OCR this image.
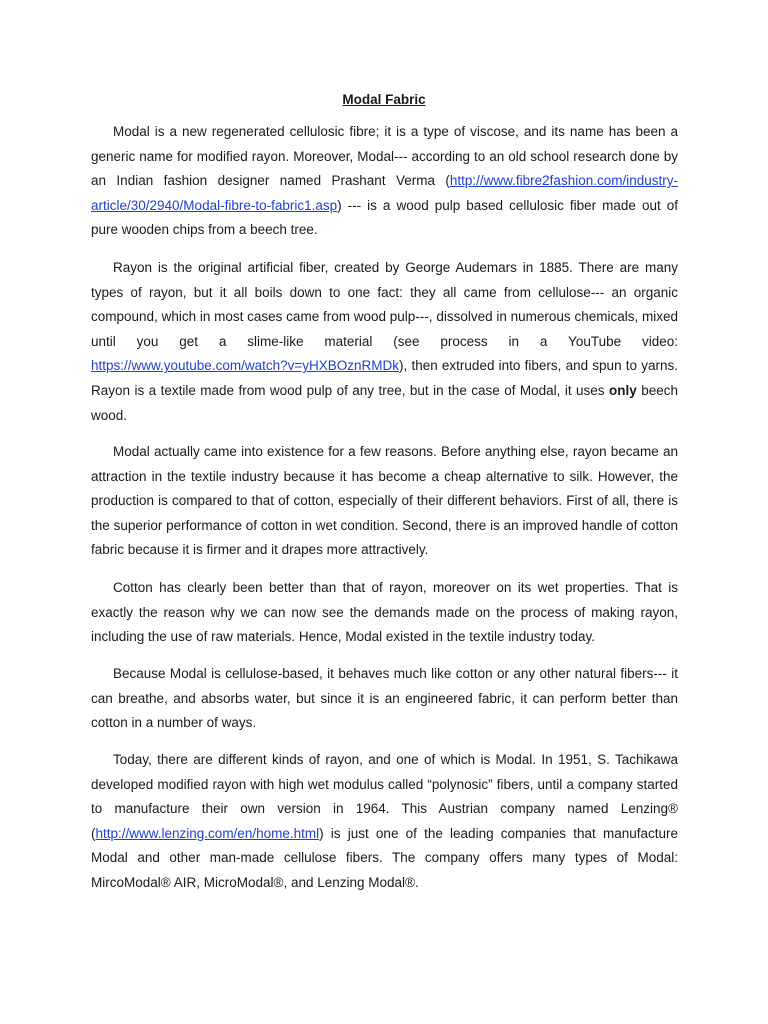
Modal Fabric

Modal is a new regenerated cellulosic fibre; it is a type of viscose, and its name has been a generic name for modified rayon. Moreover, Modal--- according to an old school research done by an Indian fashion designer named Prashant Verma (http://www.fibre2fashion.com/industry-article/30/2940/Modal-fibre-to-fabric1.asp) --- is a wood pulp based cellulosic fiber made out of pure wooden chips from a beech tree.

Rayon is the original artificial fiber, created by George Audemars in 1885. There are many types of rayon, but it all boils down to one fact: they all came from cellulose--- an organic compound, which in most cases came from wood pulp---, dissolved in numerous chemicals, mixed until you get a slime-like material (see process in a YouTube video: https://www.youtube.com/watch?v=yHXBOznRMDk), then extruded into fibers, and spun to yarns. Rayon is a textile made from wood pulp of any tree, but in the case of Modal, it uses only beech wood.

Modal actually came into existence for a few reasons. Before anything else, rayon became an attraction in the textile industry because it has become a cheap alternative to silk. However, the production is compared to that of cotton, especially of their different behaviors. First of all, there is the superior performance of cotton in wet condition. Second, there is an improved handle of cotton fabric because it is firmer and it drapes more attractively.

Cotton has clearly been better than that of rayon, moreover on its wet properties. That is exactly the reason why we can now see the demands made on the process of making rayon, including the use of raw materials. Hence, Modal existed in the textile industry today.

Because Modal is cellulose-based, it behaves much like cotton or any other natural fibers--- it can breathe, and absorbs water, but since it is an engineered fabric, it can perform better than cotton in a number of ways.

Today, there are different kinds of rayon, and one of which is Modal. In 1951, S. Tachikawa developed modified rayon with high wet modulus called “polynosic” fibers, until a company started to manufacture their own version in 1964. This Austrian company named Lenzing® (http://www.lenzing.com/en/home.html) is just one of the leading companies that manufacture Modal and other man-made cellulose fibers. The company offers many types of Modal: MircoModal® AIR, MicroModal®, and Lenzing Modal®.
